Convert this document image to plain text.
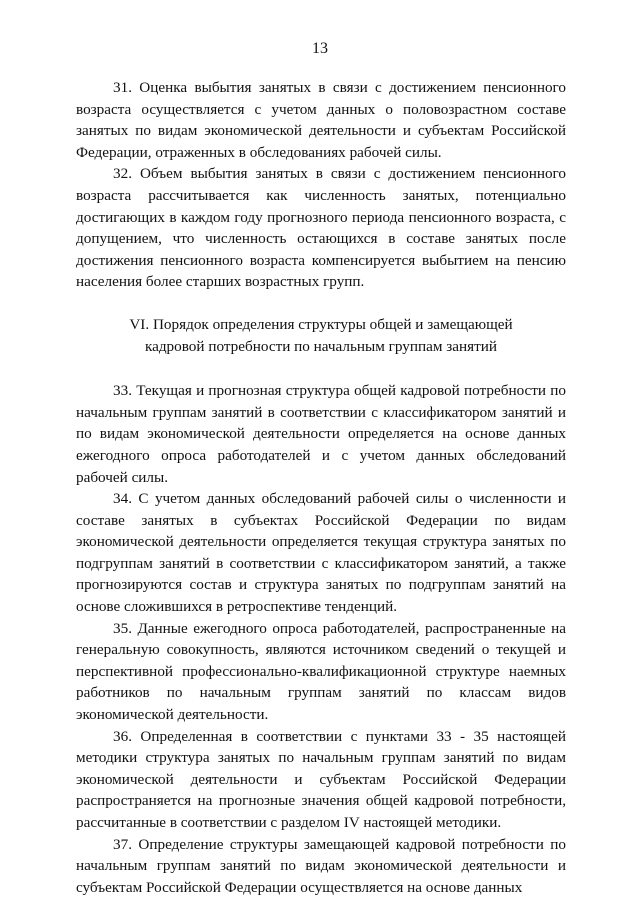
13

31. Оценка выбытия занятых в связи с достижением пенсионного возраста осуществляется с учетом данных о половозрастном составе занятых по видам экономической деятельности и субъектам Российской Федерации, отраженных в обследованиях рабочей силы.

32. Объем выбытия занятых в связи с достижением пенсионного возраста рассчитывается как численность занятых, потенциально достигающих в каждом году прогнозного периода пенсионного возраста, с допущением, что численность остающихся в составе занятых после достижения пенсионного возраста компенсируется выбытием на пенсию населения более старших возрастных групп.

VI. Порядок определения структуры общей и замещающей
кадровой потребности по начальным группам занятий

33. Текущая и прогнозная структура общей кадровой потребности по начальным группам занятий в соответствии с классификатором занятий и по видам экономической деятельности определяется на основе данных ежегодного опроса работодателей и с учетом данных обследований рабочей силы.

34. С учетом данных обследований рабочей силы о численности и составе занятых в субъектах Российской Федерации по видам экономической деятельности определяется текущая структура занятых по подгруппам занятий в соответствии с классификатором занятий, а также прогнозируются состав и структура занятых по подгруппам занятий на основе сложившихся в ретроспективе тенденций.

35. Данные ежегодного опроса работодателей, распространенные на генеральную совокупность, являются источником сведений о текущей и перспективной профессионально-квалификационной структуре наемных работников по начальным группам занятий по классам видов экономической деятельности.

36. Определенная в соответствии с пунктами 33 - 35 настоящей методики структура занятых по начальным группам занятий по видам экономической деятельности и субъектам Российской Федерации распространяется на прогнозные значения общей кадровой потребности, рассчитанные в соответствии с разделом IV настоящей методики.

37. Определение структуры замещающей кадровой потребности по начальным группам занятий по видам экономической деятельности и субъектам Российской Федерации осуществляется на основе данных
